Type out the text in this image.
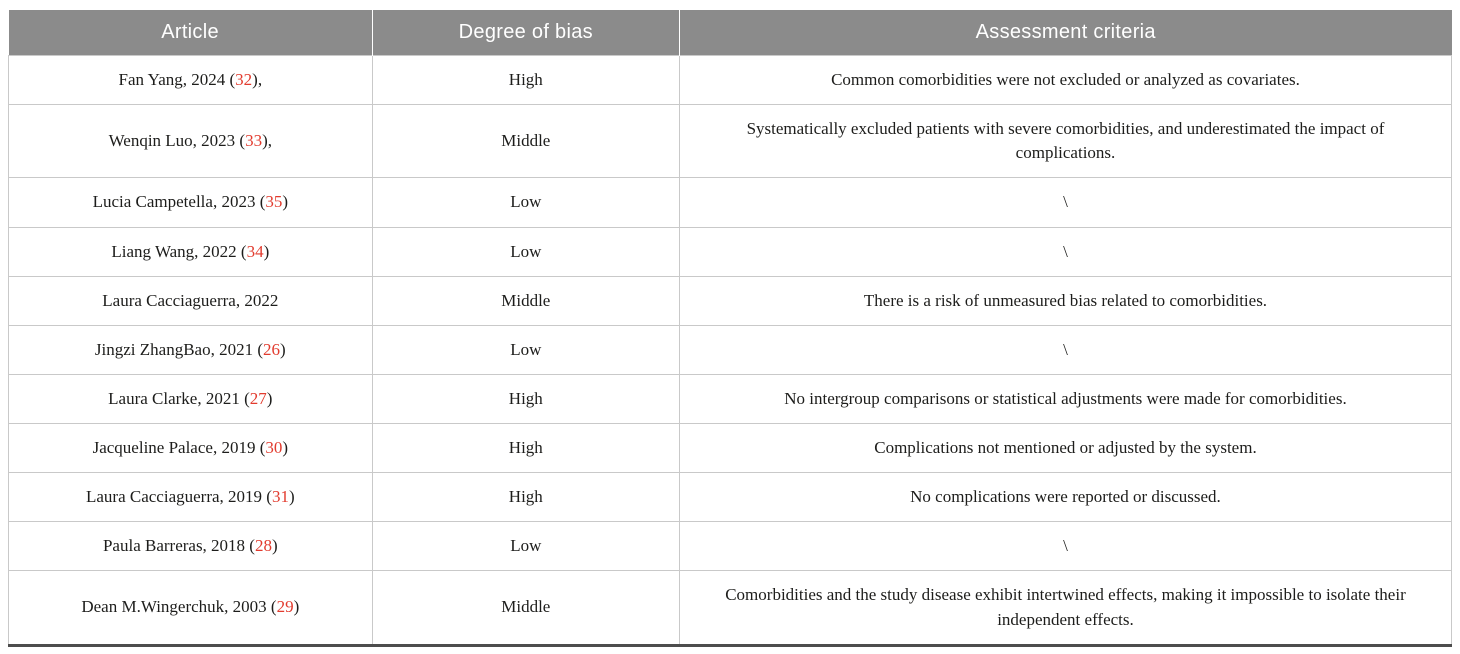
Article	Degree of bias	Assessment criteria
Fan Yang, 2024 (32),	High	Common comorbidities were not excluded or analyzed as covariates.
Wenqin Luo, 2023 (33),	Middle	Systematically excluded patients with severe comorbidities, and underestimated the impact of complications.
Lucia Campetella, 2023 (35)	Low	\
Liang Wang, 2022 (34)	Low	\
Laura Cacciaguerra, 2022	Middle	There is a risk of unmeasured bias related to comorbidities.
Jingzi ZhangBao, 2021 (26)	Low	\
Laura Clarke, 2021 (27)	High	No intergroup comparisons or statistical adjustments were made for comorbidities.
Jacqueline Palace, 2019 (30)	High	Complications not mentioned or adjusted by the system.
Laura Cacciaguerra, 2019 (31)	High	No complications were reported or discussed.
Paula Barreras, 2018 (28)	Low	\
Dean M.Wingerchuk, 2003 (29)	Middle	Comorbidities and the study disease exhibit intertwined effects, making it impossible to isolate their independent effects.
